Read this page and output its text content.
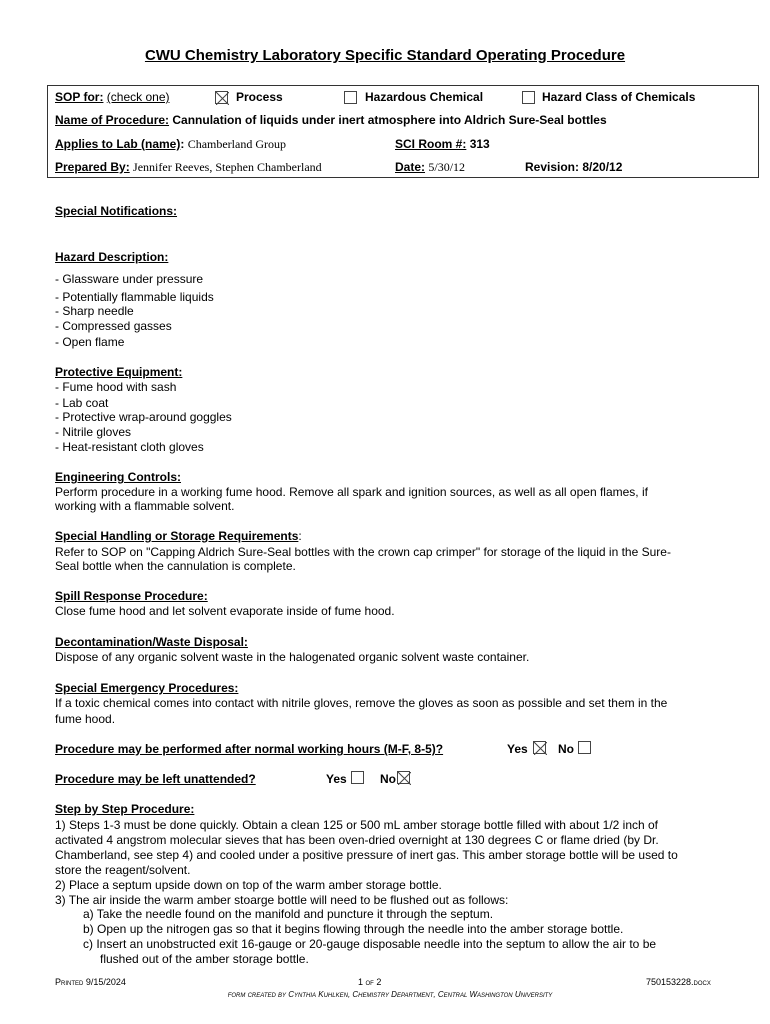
CWU Chemistry Laboratory Specific Standard Operating Procedure
SOP for: (check one)	Process	Hazardous Chemical	Hazard Class of Chemicals
Name of Procedure: Cannulation of liquids under inert atmosphere into Aldrich Sure-Seal bottles
Applies to Lab (name): Chamberland Group	SCI Room #: 313
Prepared By: Jennifer Reeves, Stephen Chamberland	Date: 5/30/12	Revision: 8/20/12
Special Notifications:
Hazard Description:
- Glassware under pressure
- Potentially flammable liquids
- Sharp needle
- Compressed gasses
- Open flame
Protective Equipment:
- Fume hood with sash
- Lab coat
- Protective wrap-around goggles
- Nitrile gloves
- Heat-resistant cloth gloves
Engineering Controls:
Perform procedure in a working fume hood. Remove all spark and ignition sources, as well as all open flames, if
working with a flammable solvent.
Special Handling or Storage Requirements:
Refer to SOP on "Capping Aldrich Sure-Seal bottles with the crown cap crimper" for storage of the liquid in the Sure-
Seal bottle when the cannulation is complete.
Spill Response Procedure:
Close fume hood and let solvent evaporate inside of fume hood.
Decontamination/Waste Disposal:
Dispose of any organic solvent waste in the halogenated organic solvent waste container.
Special Emergency Procedures:
If a toxic chemical comes into contact with nitrile gloves, remove the gloves as soon as possible and set them in the
fume hood.
Procedure may be performed after normal working hours (M-F, 8-5)?	Yes	No
Procedure may be left unattended?	Yes	No
Step by Step Procedure:
1) Steps 1-3 must be done quickly. Obtain a clean 125 or 500 mL amber storage bottle filled with about 1/2 inch of
activated 4 angstrom molecular sieves that has been oven-dried overnight at 130 degrees C or flame dried (by Dr.
Chamberland, see step 4) and cooled under a positive pressure of inert gas. This amber storage bottle will be used to
store the reagent/solvent.
2) Place a septum upside down on top of the warm amber storage bottle.
3) The air inside the warm amber stoarge bottle will need to be flushed out as follows:
a) Take the needle found on the manifold and puncture it through the septum.
b) Open up the nitrogen gas so that it begins flowing through the needle into the amber storage bottle.
c) Insert an unobstructed exit 16-gauge or 20-gauge disposable needle into the septum to allow the air to be
flushed out of the amber storage bottle.
Printed 9/15/2024	1 of 2	750153228.docx
form created by Cynthia Kuhlken, Chemistry Department, Central Washington University
